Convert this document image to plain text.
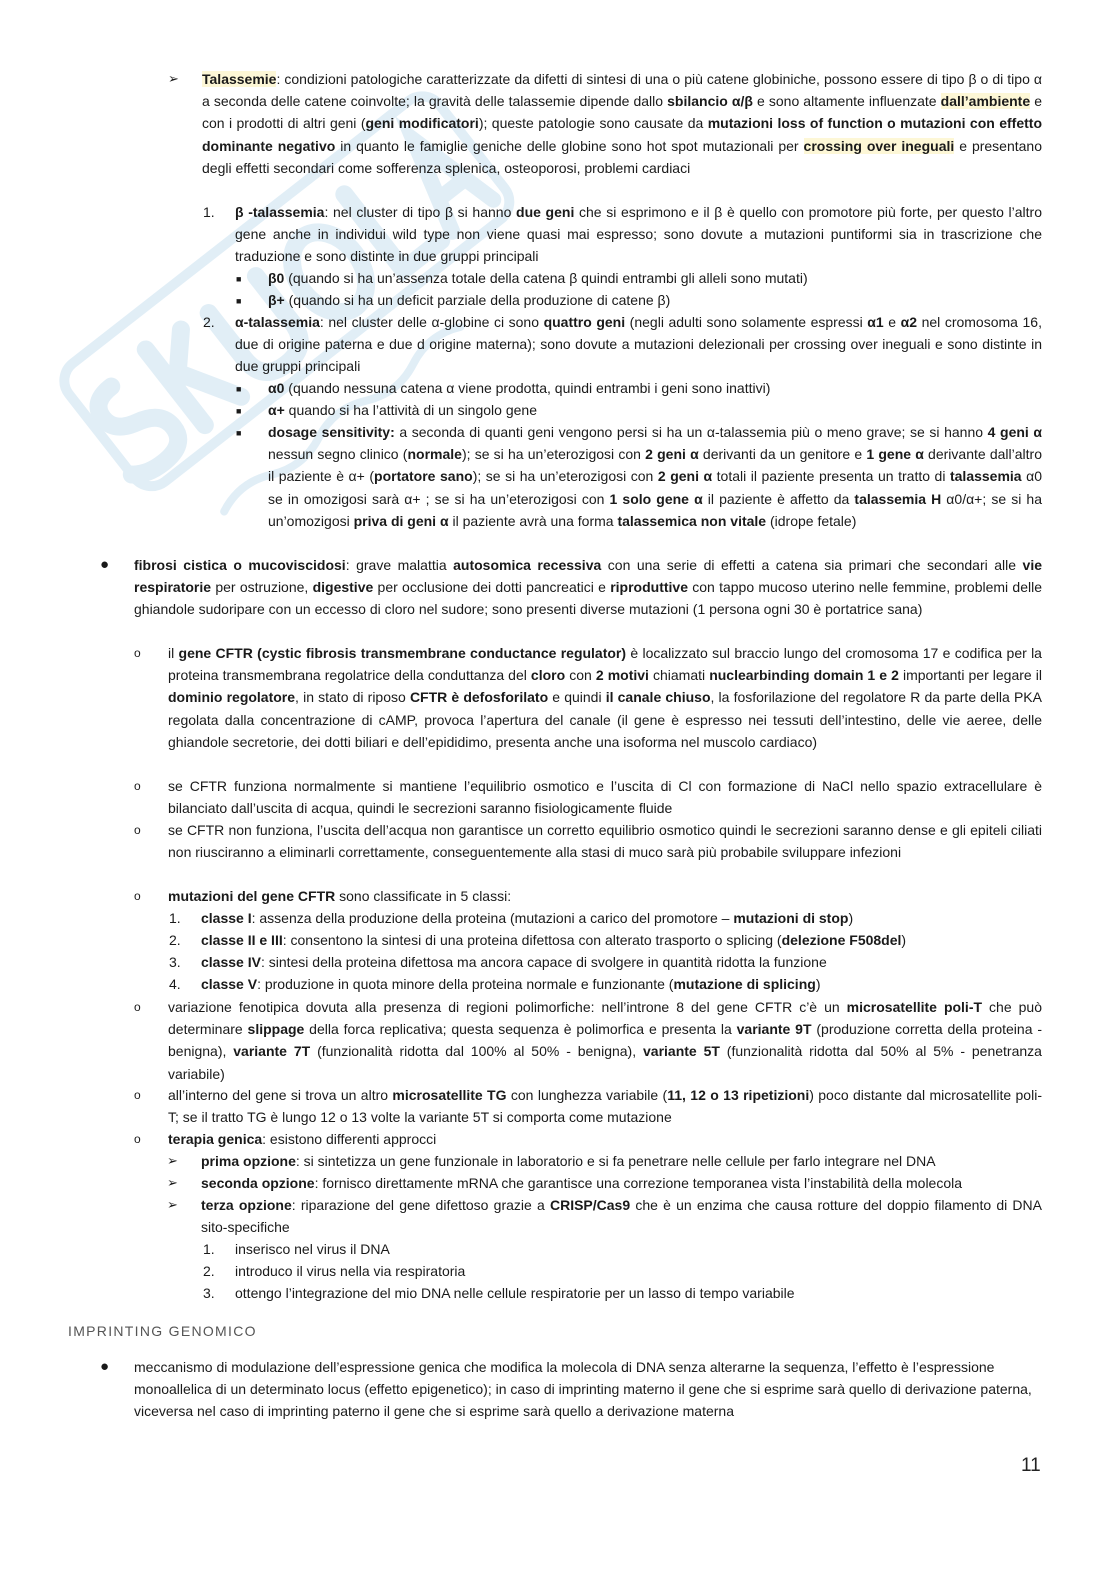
➢ Talassemie: condizioni patologiche caratterizzate da difetti di sintesi di una o più catene globiniche, possono essere di tipo β o di tipo α a seconda delle catene coinvolte; la gravità delle talassemie dipende dallo sbilancio α/β e sono altamente influenzate dall’ambiente e con i prodotti di altri geni (geni modificatori); queste patologie sono causate da mutazioni loss of function o mutazioni con effetto dominante negativo in quanto le famiglie geniche delle globine sono hot spot mutazionali per crossing over ineguali e presentano degli effetti secondari come sofferenza splenica, osteoporosi, problemi cardiaci
1. β -talassemia: nel cluster di tipo β si hanno due geni che si esprimono e il β è quello con promotore più forte, per questo l’altro gene anche in individui wild type non viene quasi mai espresso; sono dovute a mutazioni puntiformi sia in trascrizione che traduzione e sono distinte in due gruppi principali
■ β0 (quando si ha un’assenza totale della catena β quindi entrambi gli alleli sono mutati)
■ β+ (quando si ha un deficit parziale della produzione di catene β)
2. α-talassemia: nel cluster delle α-globine ci sono quattro geni (negli adulti sono solamente espressi α1 e α2 nel cromosoma 16, due di origine paterna e due d origine materna); sono dovute a mutazioni delezionali per crossing over ineguali e sono distinte in due gruppi principali
■ α0 (quando nessuna catena α viene prodotta, quindi entrambi i geni sono inattivi)
■ α+ quando si ha l’attività di un singolo gene
■ dosage sensitivity: a seconda di quanti geni vengono persi si ha un α-talassemia più o meno grave; se si hanno 4 geni α nessun segno clinico (normale); se si ha un’eterozigosi con 2 geni α derivanti da un genitore e 1 gene α derivante dall’altro il paziente è α+ (portatore sano); se si ha un’eterozigosi con 2 geni α totali il paziente presenta un tratto di talassemia α0 se in omozigosi sarà α+ ; se si ha un’eterozigosi con 1 solo gene α il paziente è affetto da talassemia H α0/α+; se si ha un’omozigosi priva di geni α il paziente avrà una forma talassemica non vitale (idrope fetale)
● fibrosi cistica o mucoviscidosi: grave malattia autosomica recessiva con una serie di effetti a catena sia primari che secondari alle vie respiratorie per ostruzione, digestive per occlusione dei dotti pancreatici e riproduttive con tappo mucoso uterino nelle femmine, problemi delle ghiandole sudoripare con un eccesso di cloro nel sudore; sono presenti diverse mutazioni (1 persona ogni 30 è portatrice sana)
o il gene CFTR (cystic fibrosis transmembrane conductance regulator) è localizzato sul braccio lungo del cromosoma 17 e codifica per la proteina transmembrana regolatrice della conduttanza del cloro con 2 motivi chiamati nuclearbinding domain 1 e 2 importanti per legare il dominio regolatore, in stato di riposo CFTR è defosforilato e quindi il canale chiuso, la fosforilazione del regolatore R da parte della PKA regolata dalla concentrazione di cAMP, provoca l’apertura del canale (il gene è espresso nei tessuti dell’intestino, delle vie aeree, delle ghiandole secretorie, dei dotti biliari e dell’epididimo, presenta anche una isoforma nel muscolo cardiaco)
o se CFTR funziona normalmente si mantiene l’equilibrio osmotico e l’uscita di Cl con formazione di NaCl nello spazio extracellulare è bilanciato dall’uscita di acqua, quindi le secrezioni saranno fisiologicamente fluide
o se CFTR non funziona, l’uscita dell’acqua non garantisce un corretto equilibrio osmotico quindi le secrezioni saranno dense e gli epiteli ciliati non riusciranno a eliminarli correttamente, conseguentemente alla stasi di muco sarà più probabile sviluppare infezioni
o mutazioni del gene CFTR sono classificate in 5 classi:
1. classe I: assenza della produzione della proteina (mutazioni a carico del promotore – mutazioni di stop)
2. classe II e III: consentono la sintesi di una proteina difettosa con alterato trasporto o splicing (delezione F508del)
3. classe IV: sintesi della proteina difettosa ma ancora capace di svolgere in quantità ridotta la funzione
4. classe V: produzione in quota minore della proteina normale e funzionante (mutazione di splicing)
o variazione fenotipica dovuta alla presenza di regioni polimorfiche: nell’introne 8 del gene CFTR c’è un microsatellite poli-T che può determinare slippage della forca replicativa; questa sequenza è polimorfica e presenta la variante 9T (produzione corretta della proteina - benigna), variante 7T (funzionalità ridotta dal 100% al 50% - benigna), variante 5T (funzionalità ridotta dal 50% al 5% - penetranza variabile)
o all’interno del gene si trova un altro microsatellite TG con lunghezza variabile (11, 12 o 13 ripetizioni) poco distante dal microsatellite poli-T; se il tratto TG è lungo 12 o 13 volte la variante 5T si comporta come mutazione
o terapia genica: esistono differenti approcci
➢ prima opzione: si sintetizza un gene funzionale in laboratorio e si fa penetrare nelle cellule per farlo integrare nel DNA
➢ seconda opzione: fornisco direttamente mRNA che garantisce una correzione temporanea vista l’instabilità della molecola
➢ terza opzione: riparazione del gene difettoso grazie a CRISP/Cas9 che è un enzima che causa rotture del doppio filamento di DNA sito-specifiche
1. inserisco nel virus il DNA
2. introduco il virus nella via respiratoria
3. ottengo l’integrazione del mio DNA nelle cellule respiratorie per un lasso di tempo variabile
IMPRINTING GENOMICO
● meccanismo di modulazione dell’espressione genica che modifica la molecola di DNA senza alterarne la sequenza, l’effetto è l’espressione monoallelica di un determinato locus (effetto epigenetico); in caso di imprinting materno il gene che si esprime sarà quello di derivazione paterna, viceversa nel caso di imprinting paterno il gene che si esprime sarà quello a derivazione materna
11
